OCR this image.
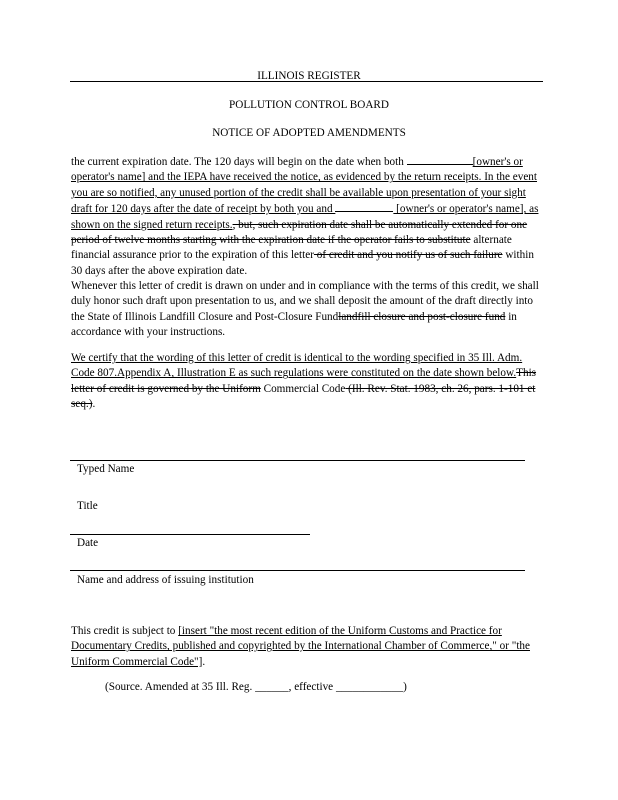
ILLINOIS REGISTER
POLLUTION CONTROL BOARD
NOTICE OF ADOPTED AMENDMENTS

the current expiration date. The 120 days will begin on the date when both	[owner's or operator's name] and the IEPA have received the notice, as evidenced by the return receipts. In the event you are so notified, any unused portion of the credit shall be available upon presentation of your sight draft for 120 days after the date of receipt by both you and	[owner's or operator's name], as shown on the signed return receipts., but, such expiration date shall be automatically extended for one period of twelve months starting with the expiration date if the operator fails to substitute alternate financial assurance prior to the expiration of this letter of credit and you notify us of such failure within 30 days after the above expiration date.

Whenever this letter of credit is drawn on under and in compliance with the terms of this credit, we shall duly honor such draft upon presentation to us, and we shall deposit the amount of the draft directly into the State of Illinois Landfill Closure and Post-Closure Fundlandfill closure and post-closure fund in accordance with your instructions.

We certify that the wording of this letter of credit is identical to the wording specified in 35 Ill. Adm. Code 807.Appendix A, Illustration E as such regulations were constituted on the date shown below.This letter of credit is governed by the Uniform Commercial Code (Ill. Rev. Stat. 1983, ch. 26, pars. 1-101 et seq.).

Typed Name
Title
Date
Name and address of issuing institution

This credit is subject to [insert "the most recent edition of the Uniform Customs and Practice for Documentary Credits, published and copyrighted by the International Chamber of Commerce," or "the Uniform Commercial Code"].

(Source. Amended at 35 Ill. Reg. ______, effective ____________)
